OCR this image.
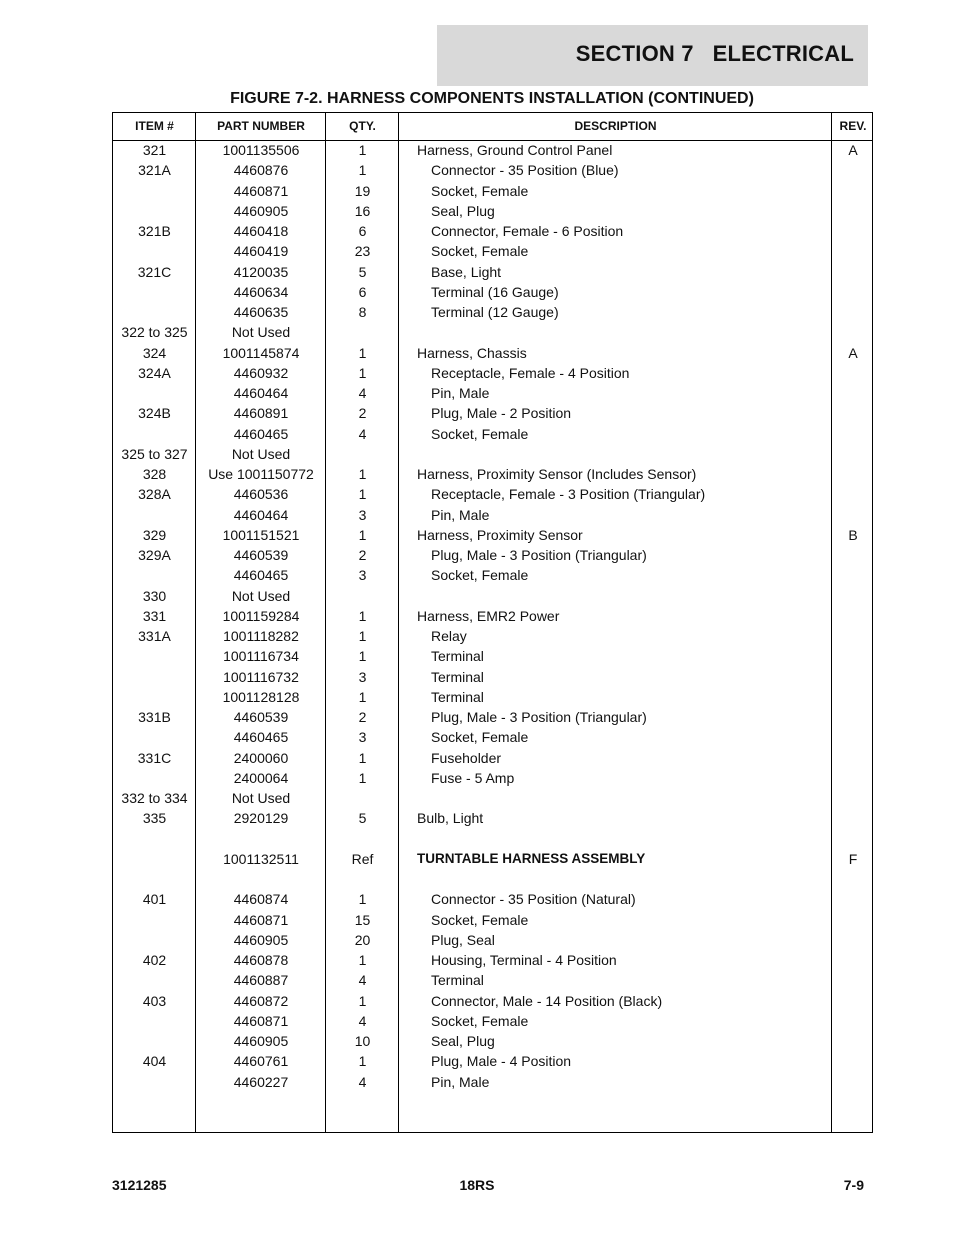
SECTION 7   ELECTRICAL
FIGURE 7-2. HARNESS COMPONENTS INSTALLATION (CONTINUED)
ITEM #	PART NUMBER	QTY.	DESCRIPTION	REV.
321	1001135506	1	Harness, Ground Control Panel	A
321A	4460876	1	Connector - 35 Position (Blue)
4460871	19	Socket, Female
4460905	16	Seal, Plug
321B	4460418	6	Connector, Female - 6 Position
4460419	23	Socket, Female
321C	4120035	5	Base, Light
4460634	6	Terminal (16 Gauge)
4460635	8	Terminal (12 Gauge)
322 to 325	Not Used
324	1001145874	1	Harness, Chassis	A
324A	4460932	1	Receptacle, Female - 4 Position
4460464	4	Pin, Male
324B	4460891	2	Plug, Male - 2 Position
4460465	4	Socket, Female
325 to 327	Not Used
328	Use 1001150772	1	Harness, Proximity Sensor (Includes Sensor)
328A	4460536	1	Receptacle, Female - 3 Position (Triangular)
4460464	3	Pin, Male
329	1001151521	1	Harness, Proximity Sensor	B
329A	4460539	2	Plug, Male - 3 Position (Triangular)
4460465	3	Socket, Female
330	Not Used
331	1001159284	1	Harness, EMR2 Power
331A	1001118282	1	Relay
1001116734	1	Terminal
1001116732	3	Terminal
1001128128	1	Terminal
331B	4460539	2	Plug, Male - 3 Position (Triangular)
4460465	3	Socket, Female
331C	2400060	1	Fuseholder
2400064	1	Fuse - 5 Amp
332 to 334	Not Used
335	2920129	5	Bulb, Light
1001132511	Ref	TURNTABLE HARNESS ASSEMBLY	F
401	4460874	1	Connector - 35 Position (Natural)
4460871	15	Socket, Female
4460905	20	Plug, Seal
402	4460878	1	Housing, Terminal - 4 Position
4460887	4	Terminal
403	4460872	1	Connector, Male - 14 Position (Black)
4460871	4	Socket, Female
4460905	10	Seal, Plug
404	4460761	1	Plug, Male - 4 Position
4460227	4	Pin, Male
3121285	18RS	7-9
